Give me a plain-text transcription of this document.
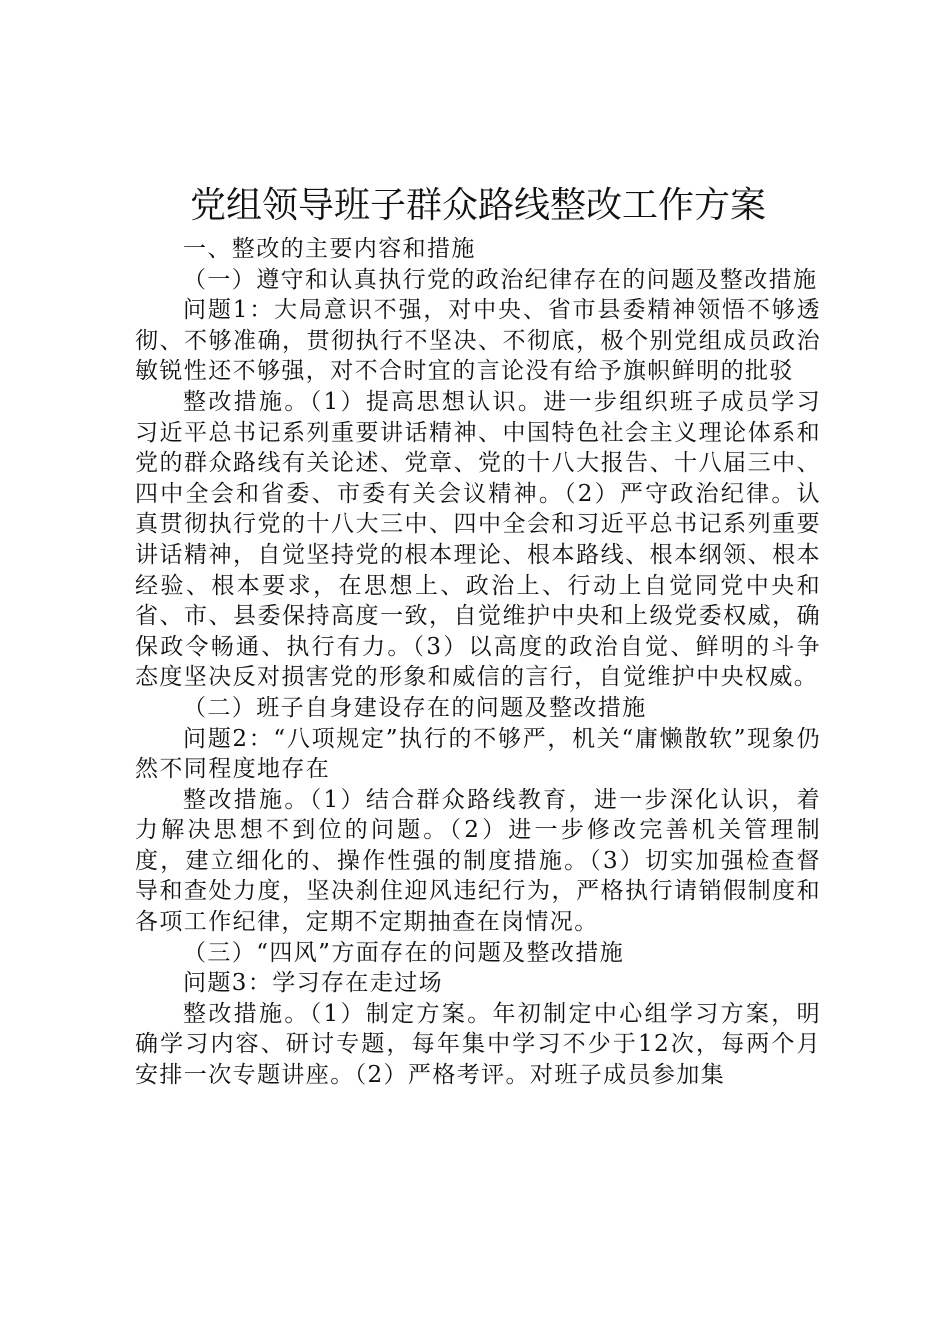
党组领导班子群众路线整改工作方案

一、整改的主要内容和措施

（一）遵守和认真执行党的政治纪律存在的问题及整改措施

问题1：大局意识不强，对中央、省市县委精神领悟不够透彻、不够准确，贯彻执行不坚决、不彻底，极个别党组成员政治敏锐性还不够强，对不合时宜的言论没有给予旗帜鲜明的批驳

整改措施。（1）提高思想认识。进一步组织班子成员学习习近平总书记系列重要讲话精神、中国特色社会主义理论体系和党的群众路线有关论述、党章、党的十八大报告、十八届三中、四中全会和省委、市委有关会议精神。（2）严守政治纪律。认真贯彻执行党的十八大三中、四中全会和习近平总书记系列重要讲话精神，自觉坚持党的根本理论、根本路线、根本纲领、根本经验、根本要求，在思想上、政治上、行动上自觉同党中央和省、市、县委保持高度一致，自觉维护中央和上级党委权威，确保政令畅通、执行有力。（3）以高度的政治自觉、鲜明的斗争态度坚决反对损害党的形象和威信的言行，自觉维护中央权威。

（二）班子自身建设存在的问题及整改措施

问题2：“八项规定”执行的不够严，机关“庸懒散软”现象仍然不同程度地存在

整改措施。（1）结合群众路线教育，进一步深化认识，着力解决思想不到位的问题。（2）进一步修改完善机关管理制度，建立细化的、操作性强的制度措施。（3）切实加强检查督导和查处力度，坚决刹住迎风违纪行为，严格执行请销假制度和各项工作纪律，定期不定期抽查在岗情况。

（三）“四风”方面存在的问题及整改措施

问题3：学习存在走过场

整改措施。（1）制定方案。年初制定中心组学习方案，明确学习内容、研讨专题，每年集中学习不少于12次，每两个月安排一次专题讲座。（2）严格考评。对班子成员参加集
